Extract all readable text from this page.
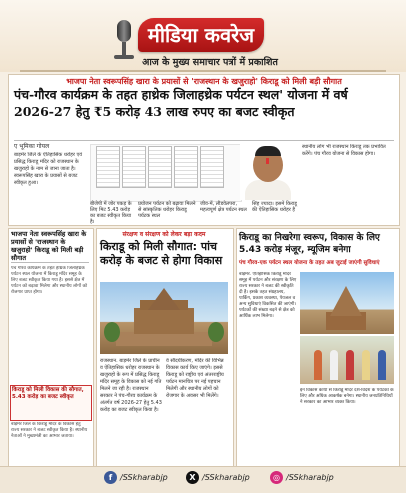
मीडिया कवरेज
आज के मुख्य समाचार पत्रों में प्रकाशित
भाजपा नेता स्वरूपसिंह खारा के प्रयासों से 'राजस्थान के खजुराहो' किराडू को मिली बड़ी सौगात
पंच-गौरव कार्यक्रम के तहत हाथ्रेक जिलाहथ्रेक पर्यटन स्थल' योजना में वर्ष 2026-27 हेतु ₹5 करोड़ 43 लाख रुपए का बजट स्वीकृत
ए भूमिका गोयल
बाड़मेर जिले के ऐतिहासिक धरोहर एवं प्रसिद्ध किराडू मंदिर को राजस्थान के खजुराहो के नाम से जाना जाता है। स्वरूपसिंह खारा के प्रयासों से बजट स्वीकृत हुआ।
स्थानीय लोग भी राजस्थान किराडू तक प्रभावित करेंगे। पंच गौरव योजना से विकास होगा।
बीजेपी में जोर पकड़ के लिए मिट 5.43 करोड़ का बजट स्वीकृत किया है।
प्रयोजन पर्यटन को बढ़ावा मिलने से सांस्कृतिक धरोहर किराडू पर्यटक स्थल
जीव-में, लीडवेलपरा, महत्वपूर्ण क्षेत्र पर्यटन स्थल
सिंह ज्यादा। इसमें किराडू की ऐतिहासिक धरोहर है
भाजपा नेता स्वरूपसिंह खारा के प्रयासों से 'राजस्थान के खजुराहो' किराडू को मिली बड़ी सौगात
पंच गौरव कार्यक्रम के तहत हाथ्रेक जिलाहथ्रेक पर्यटन स्थल योजना में किराडू मंदिर समूह के लिए बजट स्वीकृत किया गया है। इससे क्षेत्र में पर्यटन को बढ़ावा मिलेगा और स्थानीय लोगों को रोजगार प्राप्त होगा।
किराडू को मिली विकास की सौगात, 5.43 करोड़ का बजट स्वीकृत
बाड़मेर जिले के किराडू मंदिर के विकास हेतु राज्य सरकार ने बजट स्वीकृत किया है। स्थानीय नेताओं ने मुख्यमंत्री का आभार जताया।
संरक्षण व संरक्षण को लेकर बड़ा कदम
किराडू को मिली सौगात: पांच करोड़ के बजट से होगा विकास
राजस्थान. बाड़मेर जिले के प्राचीन व ऐतिहासिक धरोहर राजस्थान के खजुराहो के रूप में प्रसिद्ध किराडू मंदिर समूह के विकास को नई गति मिलने जा रही है। राजस्थान सरकार ने पंच-गौरव कार्यक्रम के अंतर्गत वर्ष 2026-27 हेतु 5.43 करोड़ का बजट स्वीकृत किया है।
वे सौंदर्यीकरण, मंदिर की विभिन्न विकास कार्य किए जाएंगे। इससे किराडू को राष्ट्रीय एवं अंतरराष्ट्रीय पर्यटन मानचित्र पर नई पहचान मिलेगी और स्थानीय लोगों को रोजगार के अवसर भी मिलेंगे।
किराडू का निखरेगा स्वरूप, विकास के लिए 5.43 करोड़ मंजूर, म्यूजिम बनेगा
पंच गौरव-एक पर्यटन स्थल योजना के तहत अब जुटाई जाएंगी सुविधाएं
बाड़मेर. ऐतिहासिक किराडू मंदिर समूह में पर्यटन और संरक्षण के लिए राज्य सरकार ने बजट की स्वीकृति दी है। इसके तहत संग्रहालय, पार्किंग, प्रकाश व्यवस्था, पेयजल व अन्य सुविधाएं विकसित की जाएंगी। पर्यटकों की संख्या बढ़ने से क्षेत्र को आर्थिक लाभ मिलेगा।
इन विकास कार्यों से किराडू मंदिर देश-विदेश के पर्यटकों के लिए और अधिक आकर्षक बनेगा। स्थानीय जनप्रतिनिधियों ने सरकार का आभार व्यक्त किया।
f /SSkharabjp	X /SSkharabjp	◎ /SSkharabjp
